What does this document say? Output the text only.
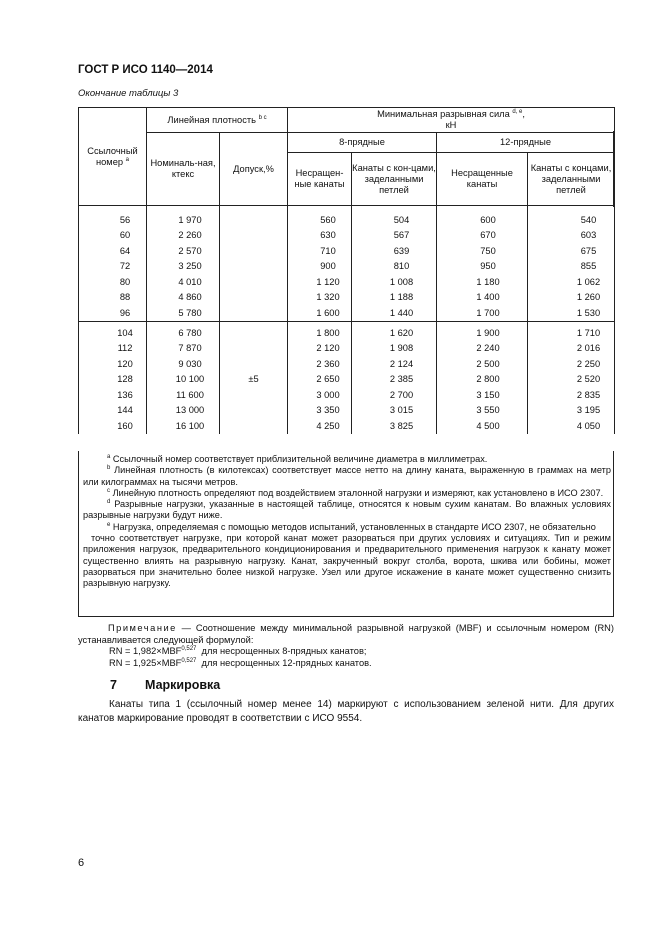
ГОСТ Р ИСО 1140—2014
Окончание таблицы 3
Ссылочный номер $^а$	Линейная плотность $^{b c}$		Минимальная разрывная сила $^{d, e}$,
кН			
	Номиналь-ная, ктекс	Допуск,%	8-прядные		12-прядные	
			Несращен-ные канаты	Канаты с кон-цами, заделанными петлей	Несращенные канаты	Канаты с концами, заделанными петлей

56	1 970		560	504	600	540
60	2 260		630	567	670	603
64	2 570		710	639	750	675
72	3 250		900	810	950	855
80	4 010		1 120	1 008	1 180	1 062
88	4 860		1 320	1 188	1 400	1 260
96	5 780		1 600	1 440	1 700	1 530
104	6 780	±5	1 800	1 620	1 900	1 710
112	7 870		2 120	1 908	2 240	2 016
120	9 030		2 360	2 124	2 500	2 250
128	10 100		2 650	2 385	2 800	2 520
136	11 600		3 000	2 700	3 150	2 835
144	13 000		3 350	3 015	3 550	3 195
160	16 100		4 250	3 825	4 500	4 050

$^а$ Ссылочный номер соответствует приблизительной величине диаметра в миллиметрах.

$^b$ Линейная плотность (в килотексах) соответствует массе нетто на длину каната, выраженную в граммах на метр или килограммах на тысячи метров.

$^c$ Линейную плотность определяют под воздействием эталонной нагрузки и измеряют, как установлено в ИСО 2307.

$^d$ Разрывные нагрузки, указанные в настоящей таблице, относятся к новым сухим канатам. Во влажных условиях разрывные нагрузки будут ниже.

$^e$ Нагрузка, определяемая с помощью методов испытаний, установленных в стандарте ИСО 2307, не обязательно

точно соответствует нагрузке, при которой канат может разорваться при других условиях и ситуациях. Тип и режим приложения нагрузок, предварительного кондиционирования и предварительного применения нагрузок к канату может существенно влиять на разрывную нагрузку. Канат, закрученный вокруг столба, ворота, шкива или бобины, может разорваться при значительно более низкой нагрузке. Узел или другое искажение в канате может существенно снизить разрывную нагрузку.

Примечание — Соотношение между минимальной разрывной нагрузкой (MBF) и ссылочным номером (RN) устанавливается следующей формулой:

RN = 1,982×MBF$^{0,527}$ для несрощенных 8-прядных канатов;

RN = 1,925×MBF$^{0,527}$ для несрощенных 12-прядных канатов.

7 Маркировка

Канаты типа 1 (ссылочный номер менее 14) маркируют с использованием зеленой нити. Для других канатов маркирование проводят в соответствии с ИСО 9554.

6
